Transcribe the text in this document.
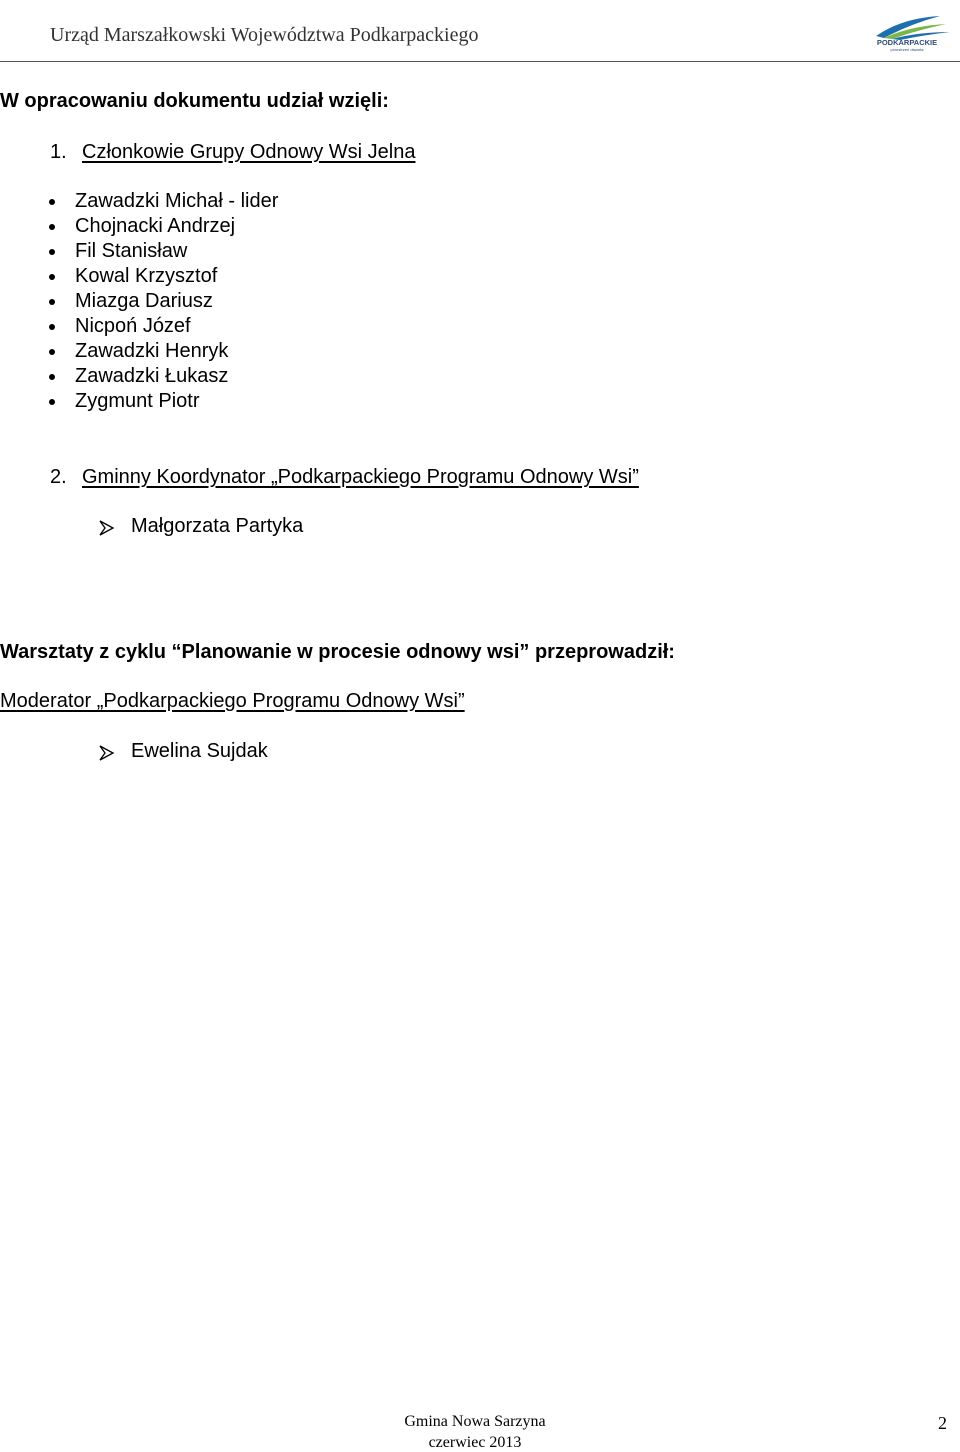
Urząd Marszałkowski Województwa Podkarpackiego	PODKARPACKIE
przestrzeń otwarta
W opracowaniu dokumentu udział wzięli:
1. Członkowie Grupy Odnowy Wsi Jelna
Zawadzki Michał - lider
Chojnacki Andrzej
Fil Stanisław
Kowal Krzysztof
Miazga Dariusz
Nicpoń Józef
Zawadzki Henryk
Zawadzki Łukasz
Zygmunt Piotr
2. Gminny Koordynator „Podkarpackiego Programu Odnowy Wsi”
Małgorzata Partyka
Warsztaty z cyklu “Planowanie w procesie odnowy wsi” przeprowadził:
Moderator „Podkarpackiego Programu Odnowy Wsi”
Ewelina Sujdak
Gmina Nowa Sarzyna
czerwiec 2013
2
